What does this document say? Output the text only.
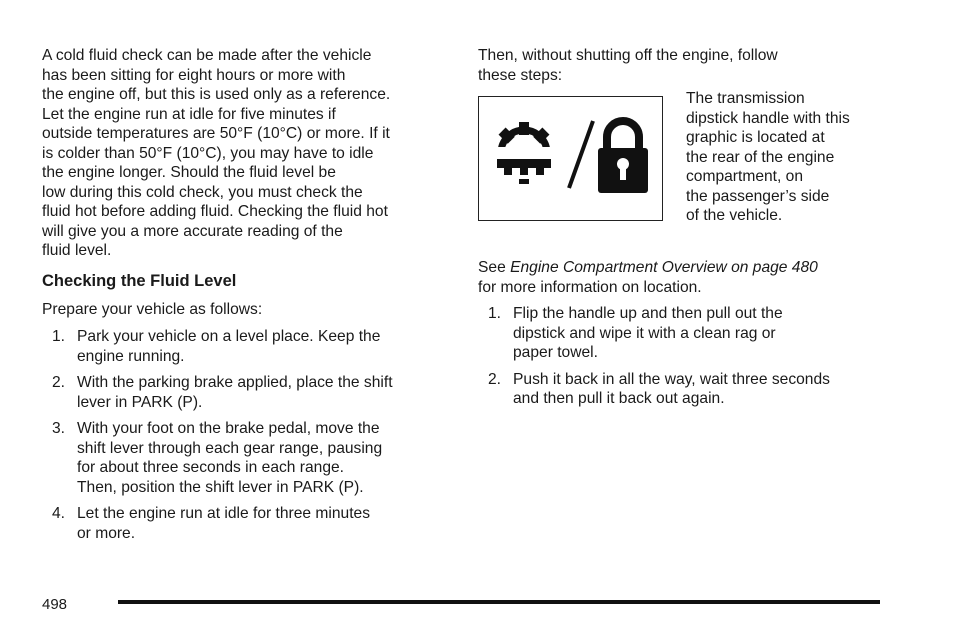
A cold fluid check can be made after the vehicle
has been sitting for eight hours or more with
the engine off, but this is used only as a reference.
Let the engine run at idle for five minutes if
outside temperatures are 50°F (10°C) or more. If it
is colder than 50°F (10°C), you may have to idle
the engine longer. Should the fluid level be
low during this cold check, you must check the
fluid hot before adding fluid. Checking the fluid hot
will give you a more accurate reading of the
fluid level.

Checking the Fluid Level

Prepare your vehicle as follows:

1. Park your vehicle on a level place. Keep the
engine running.
2. With the parking brake applied, place the shift
lever in PARK (P).
3. With your foot on the brake pedal, move the
shift lever through each gear range, pausing
for about three seconds in each range.
Then, position the shift lever in PARK (P).
4. Let the engine run at idle for three minutes
or more.

Then, without shutting off the engine, follow
these steps:

The transmission
dipstick handle with this
graphic is located at
the rear of the engine
compartment, on
the passenger’s side
of the vehicle.

See Engine Compartment Overview on page 480
for more information on location.

1. Flip the handle up and then pull out the
dipstick and wipe it with a clean rag or
paper towel.
2. Push it back in all the way, wait three seconds
and then pull it back out again.
498
